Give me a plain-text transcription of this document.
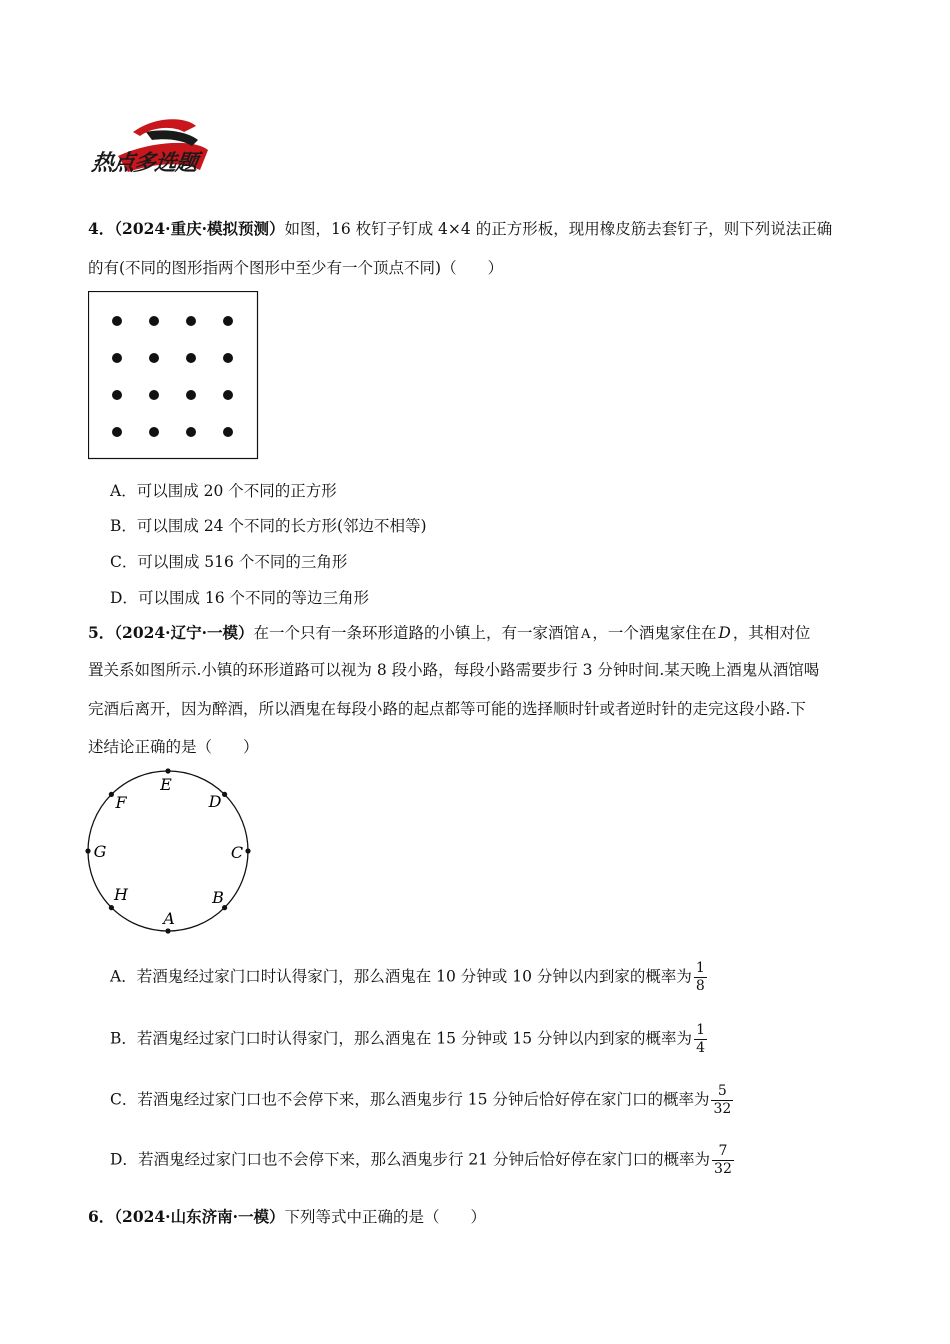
热点多选题
4．（2024·重庆·模拟预测）如图，16 枚钉子钉成 4×4 的正方形板，现用橡皮筋去套钉子，则下列说法正确
的有(不同的图形指两个图形中至少有一个顶点不同)（　　）
A．可以围成 20 个不同的正方形
B．可以围成 24 个不同的长方形(邻边不相等)
C．可以围成 516 个不同的三角形
D．可以围成 16 个不同的等边三角形
5．（2024·辽宁·一模）在一个只有一条环形道路的小镇上，有一家酒馆 A ，一个酒鬼家住在 D ，其相对位
置关系如图所示.小镇的环形道路可以视为 8 段小路，每段小路需要步行 3 分钟时间.某天晚上酒鬼从酒馆喝
完酒后离开，因为醉酒，所以酒鬼在每段小路的起点都等可能的选择顺时针或者逆时针的走完这段小路.下
述结论正确的是（　　）
E
D
C
B
A
H
G
F
A．若酒鬼经过家门口时认得家门，那么酒鬼在 10 分钟或 10 分钟以内到家的概率为 $\frac{1}{8}$
B．若酒鬼经过家门口时认得家门，那么酒鬼在 15 分钟或 15 分钟以内到家的概率为 $\frac{1}{4}$
C．若酒鬼经过家门口也不会停下来，那么酒鬼步行 15 分钟后恰好停在家门口的概率为 $\frac{5}{32}$
D．若酒鬼经过家门口也不会停下来，那么酒鬼步行 21 分钟后恰好停在家门口的概率为 $\frac{7}{32}$
6．（2024·山东济南·一模）下列等式中正确的是（　　）
